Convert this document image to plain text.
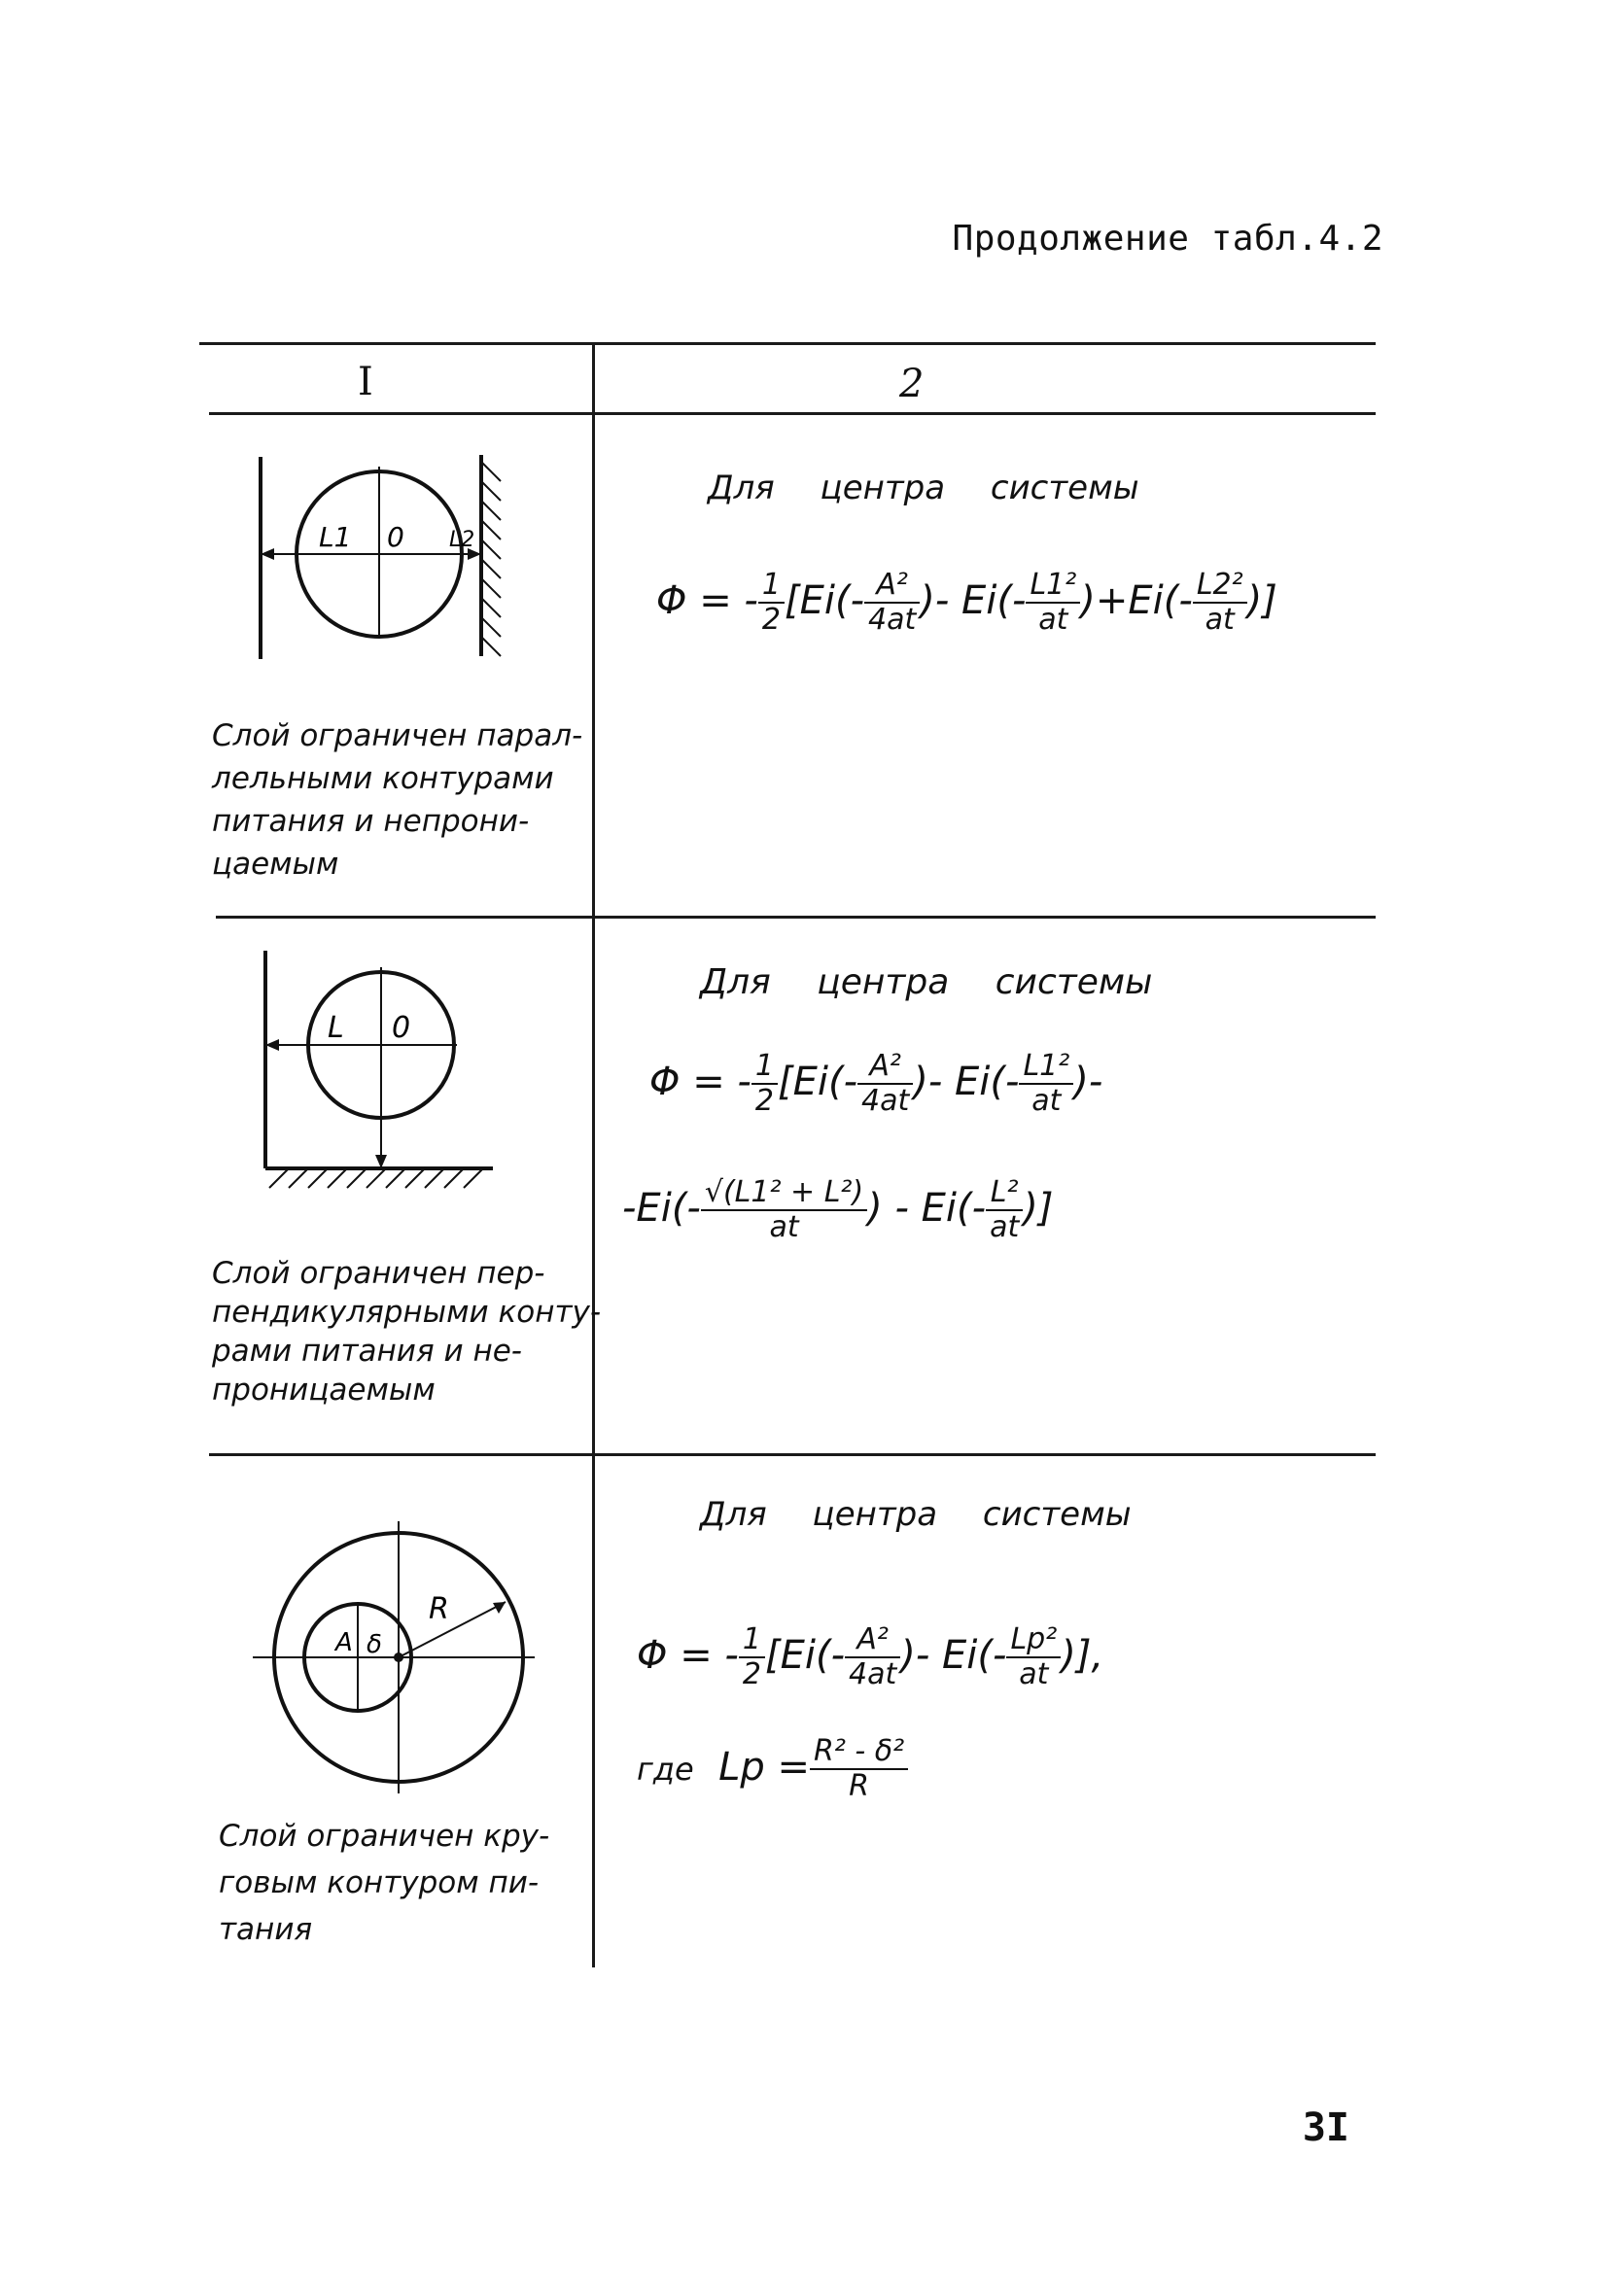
Продолжение табл.4.2
I	2
L1 0 L2
Слой ограничен парал-
лельными контурами
питания и непрони-
цаемым
Для центра системы
Φ = - $\frac{1}{2} [Ei(- \frac{\text{A²}}{4at}$ )- $Ei(- \frac{\text{L1²}}{at} )+Ei(- \frac{\text{L2²}}{at}$ )]
L 0
Слой ограничен пер-
пендикулярными конту-
рами питания и не-
проницаемым
Для центра системы
Φ = - $\frac{1}{2} [Ei(- \frac{\text{A²}}{4at}$ )- $Ei(- \frac{\text{L1²}}{at}$ )-
$-Ei(- \frac{\text{√(L1² + L²)}}{at}$ ) - $Ei(- \frac{\text{L²}}{at}$ )]
A δ
R
Слой ограничен кру-
говым контуром пи-
тания
Для центра системы
Φ = - $\frac{1}{2} [Ei(- \frac{\text{A²}}{4at}$ )- $Ei(- \frac{\text{Lp²}}{at}$ )],
где $Lp = \frac{\text{R² - δ²}}{R}$
3I
